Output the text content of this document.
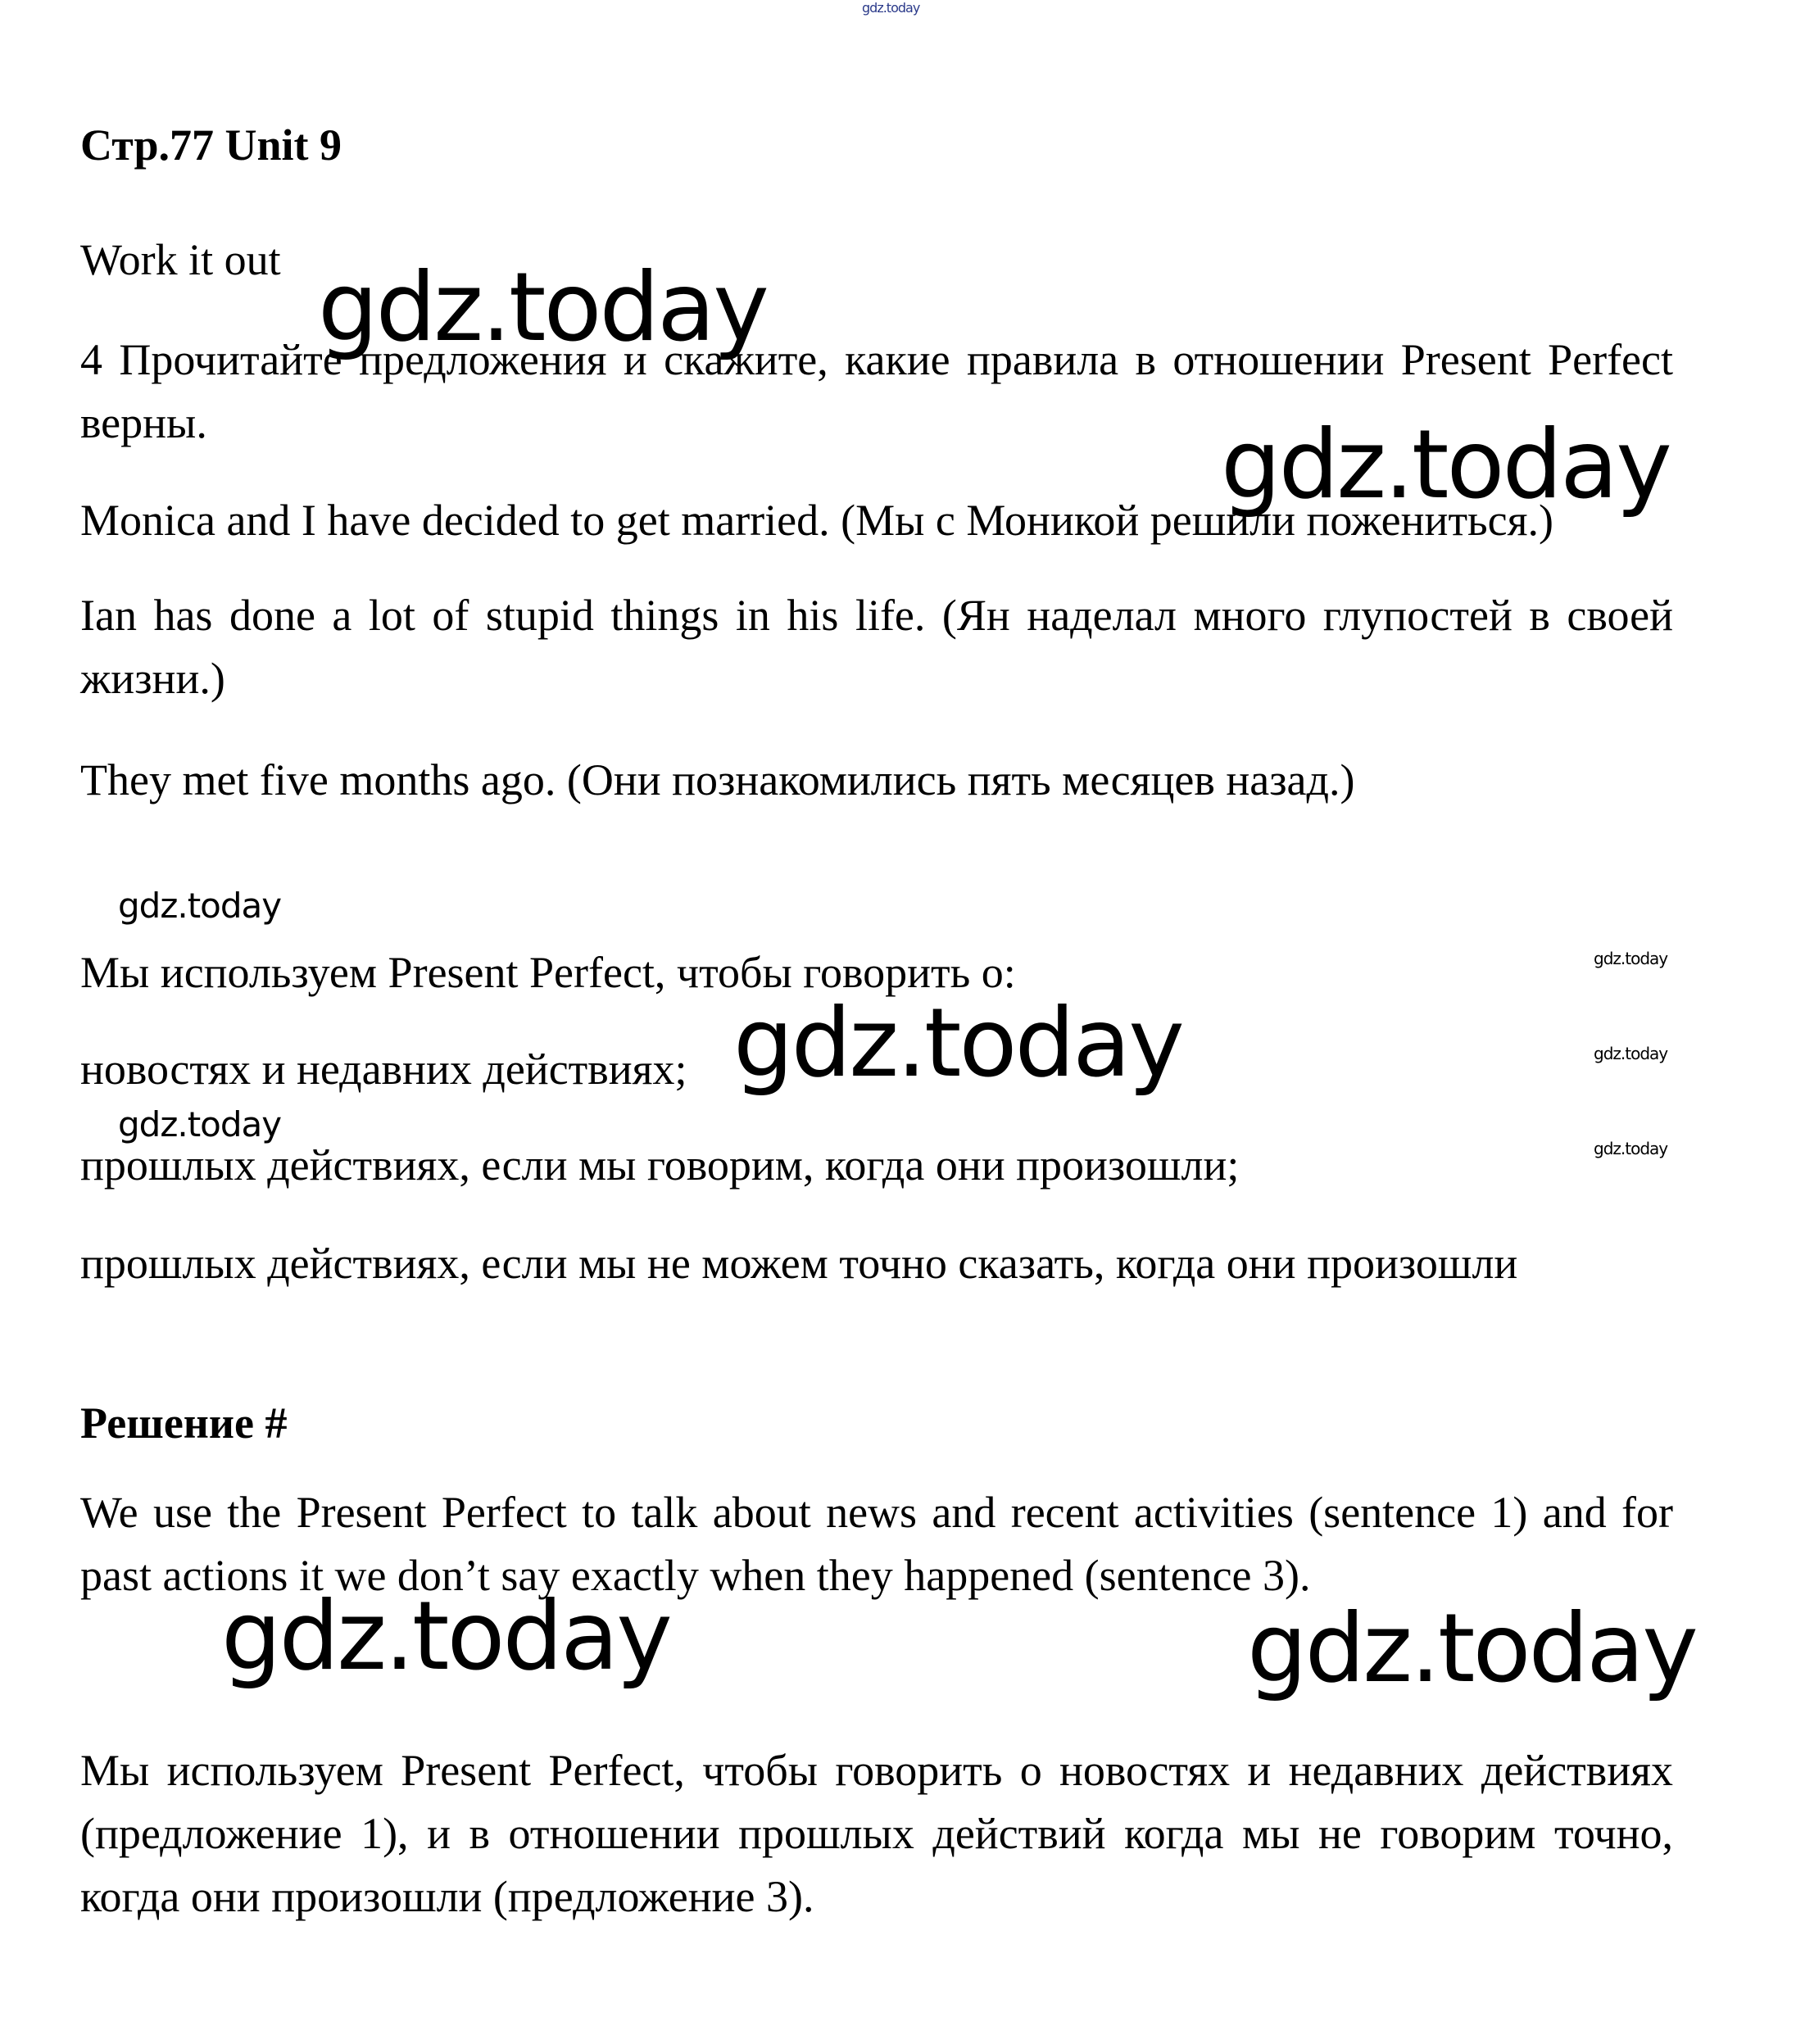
gdz.today
Стр.77 Unit 9
Work it out
4 Прочитайте предложения и скажите, какие правила в отношении Present Perfect верны.
Monica and I have decided to get married. (Мы с Моникой решили пожениться.)
Ian has done a lot of stupid things in his life. (Ян наделал много глупостей в своей жизни.)
They met five months ago. (Они познакомились пять месяцев назад.)
Мы используем Present Perfect, чтобы говорить о:
новостях и недавних действиях;
прошлых действиях, если мы говорим, когда они произошли;
прошлых действиях, если мы не можем точно сказать, когда они произошли
Решение #
We use the Present Perfect to talk about news and recent activities (sentence 1) and for past actions it we don’t say exactly when they happened (sentence 3).
Мы используем Present Perfect, чтобы говорить о новостях и недавних действиях (предложение 1), и в отношении прошлых действий когда мы не говорим точно, когда они произошли (предложение 3).
gdz.today
gdz.today
gdz.today
gdz.today
gdz.today	gdz.today
gdz.today
gdz.today
gdz.today	gdz.today
